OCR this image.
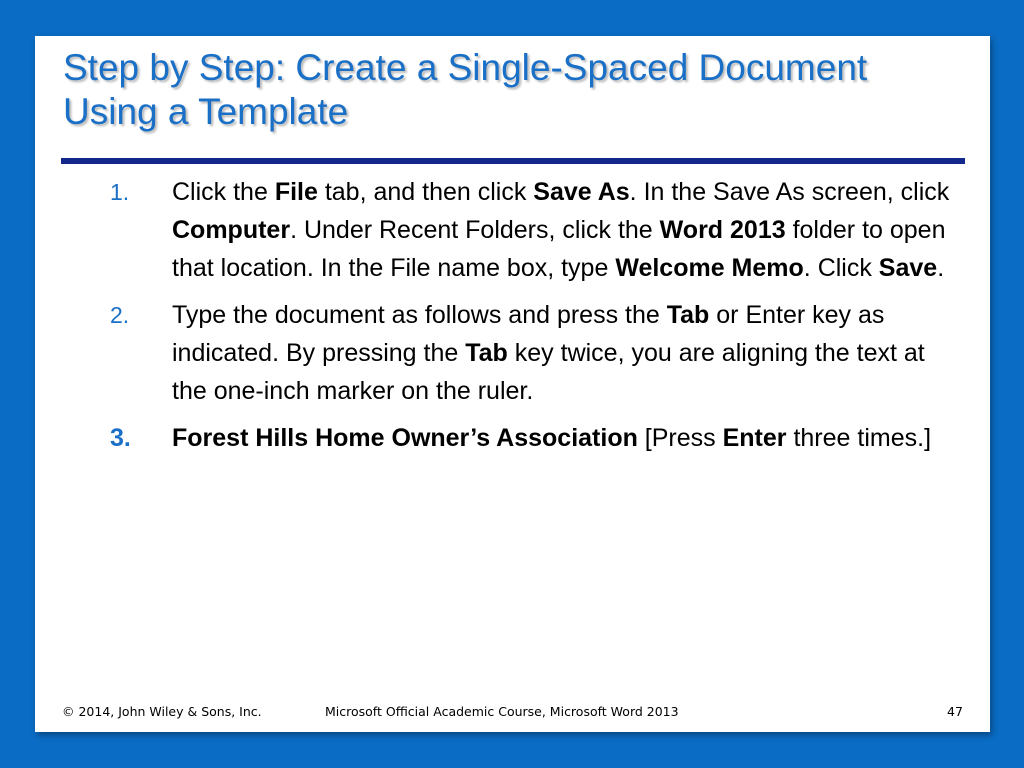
Step by Step: Create a Single-Spaced Document Using a Template
1. Click the File tab, and then click Save As. In the Save As screen, click Computer. Under Recent Folders, click the Word 2013 folder to open that location. In the File name box, type Welcome Memo. Click Save.
2. Type the document as follows and press the Tab or Enter key as indicated. By pressing the Tab key twice, you are aligning the text at the one-inch marker on the ruler.
3. Forest Hills Home Owner’s Association [Press Enter three times.]
© 2014, John Wiley & Sons, Inc.	Microsoft Official Academic Course, Microsoft Word 2013	47
